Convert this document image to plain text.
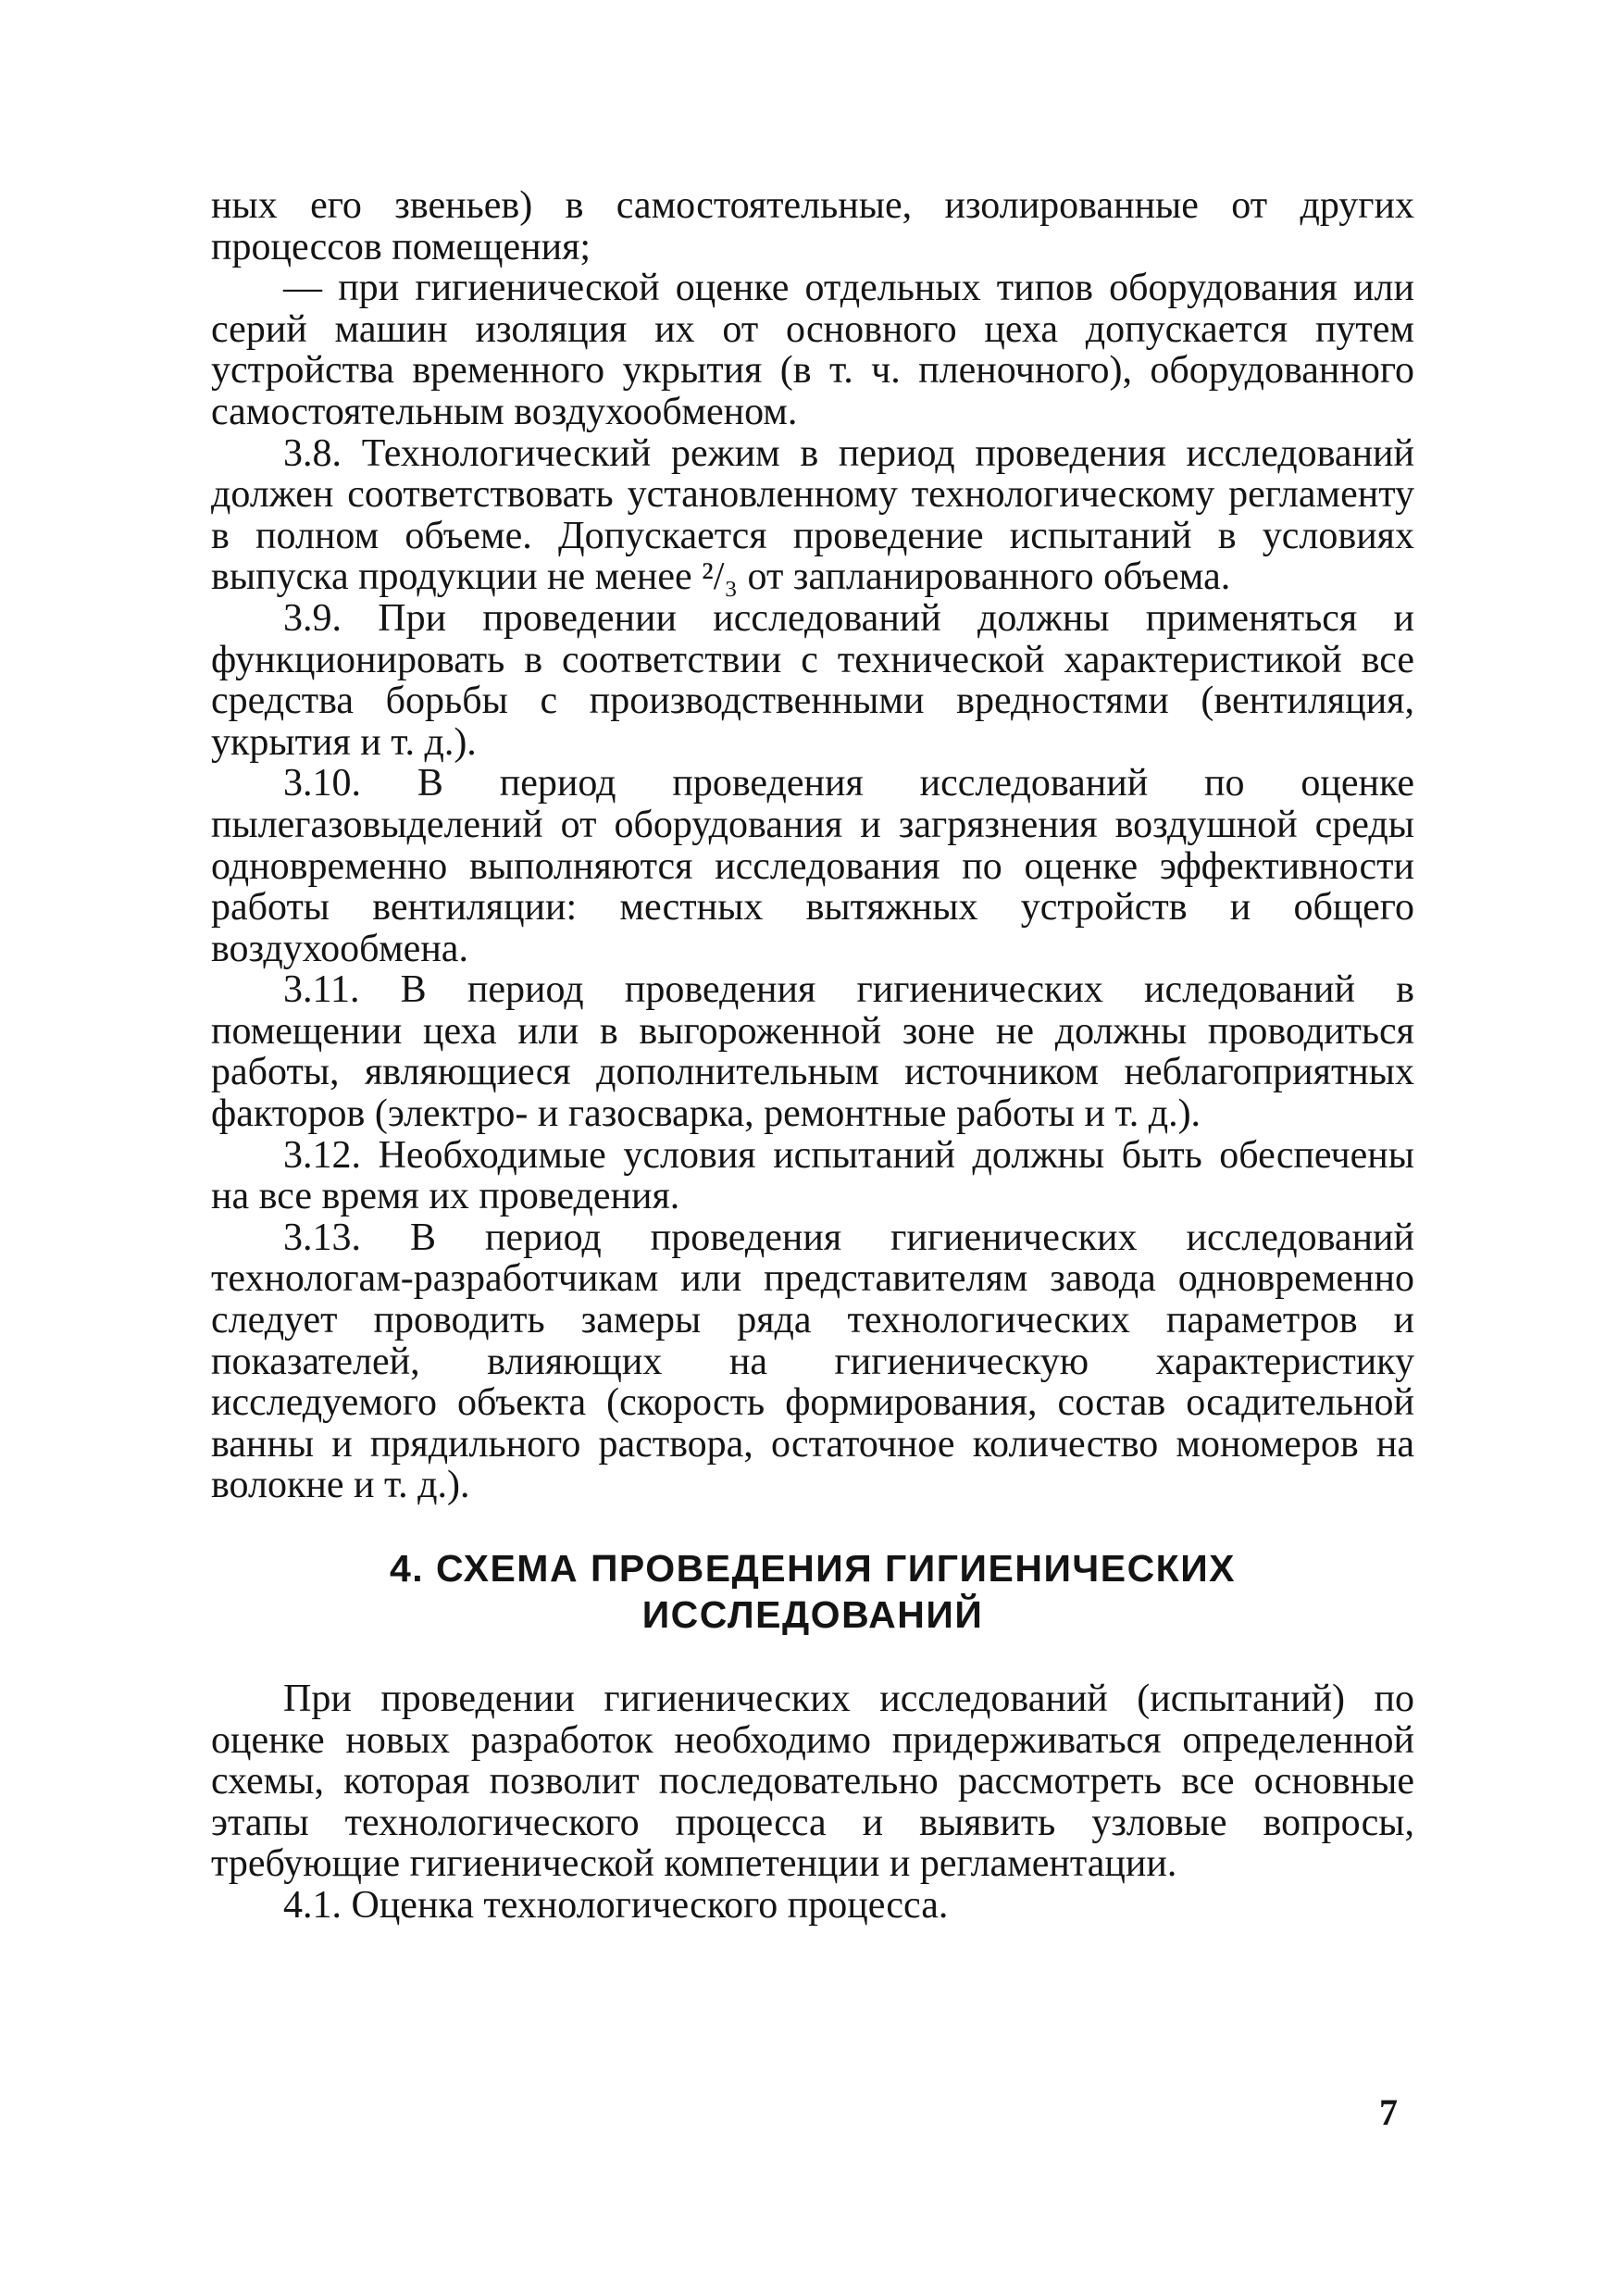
ных его звеньев) в самостоятельные, изолированные от других процессов помещения;

— при гигиенической оценке отдельных типов оборудования или серий машин изоляция их от основного цеха допускается путем устройства временного укрытия (в т. ч. пленочного), оборудованного самостоятельным воздухообменом.

3.8. Технологический режим в период проведения исследований должен соответствовать установленному технологическому регламенту в полном объеме. Допускается проведение испытаний в условиях выпуска продукции не менее ²/₃ от запланированного объема.

3.9. При проведении исследований должны применяться и функционировать в соответствии с технической характеристикой все средства борьбы с производственными вредностями (вентиляция, укрытия и т. д.).

3.10. В период проведения исследований по оценке пылегазовыделений от оборудования и загрязнения воздушной среды одновременно выполняются исследования по оценке эффективности работы вентиляции: местных вытяжных устройств и общего воздухообмена.

3.11. В период проведения гигиенических иследований в помещении цеха или в выгороженной зоне не должны проводиться работы, являющиеся дополнительным источником неблагоприятных факторов (электро- и газосварка, ремонтные работы и т. д.).

3.12. Необходимые условия испытаний должны быть обеспечены на все время их проведения.

3.13. В период проведения гигиенических исследований технологам-разработчикам или представителям завода одновременно следует проводить замеры ряда технологических параметров и показателей, влияющих на гигиеническую характеристику исследуемого объекта (скорость формирования, состав осадительной ванны и прядильного раствора, остаточное количество мономеров на волокне и т. д.).

4. СХЕМА ПРОВЕДЕНИЯ ГИГИЕНИЧЕСКИХ
ИССЛЕДОВАНИЙ

При проведении гигиенических исследований (испытаний) по оценке новых разработок необходимо придерживаться определенной схемы, которая позволит последовательно рассмотреть все основные этапы технологического процесса и выявить узловые вопросы, требующие гигиенической компетенции и регламентации.

4.1. Оценка технологического процесса.

7
